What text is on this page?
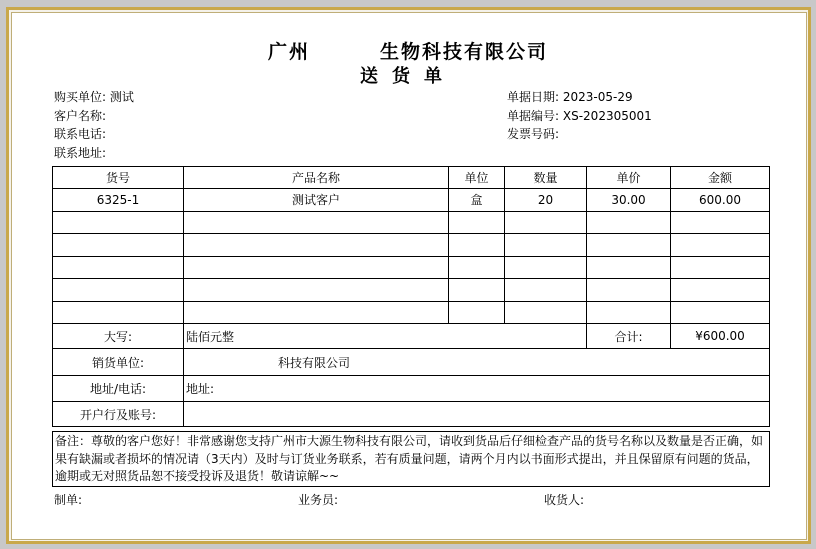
广州	生物科技有限公司
送货单
购买单位: 测试
客户名称:
联系电话:
联系地址:
单据日期: 2023-05-29
单据编号: XS-202305001
发票号码:
货号	产品名称	单位	数量	单价	金额
6325-1	测试客户	盒	20	30.00	600.00

大写:	陆佰元整			合计:	¥600.00
销货单位:	科技有限公司				
地址/电话:	地址:				
开户行及账号:					
备注：尊敬的客户您好！非常感谢您支持广州市大源生物科技有限公司，请收到货品后仔细检查产品的货号名称以及数量是否正确，如果有缺漏或者损坏的情况请（3天内）及时与订货业务联系，若有质量问题，请两个月内以书面形式提出，并且保留原有问题的货品，逾期或无对照货品恕不接受投诉及退货！敬请谅解~~
制单:	业务员:	收货人:
